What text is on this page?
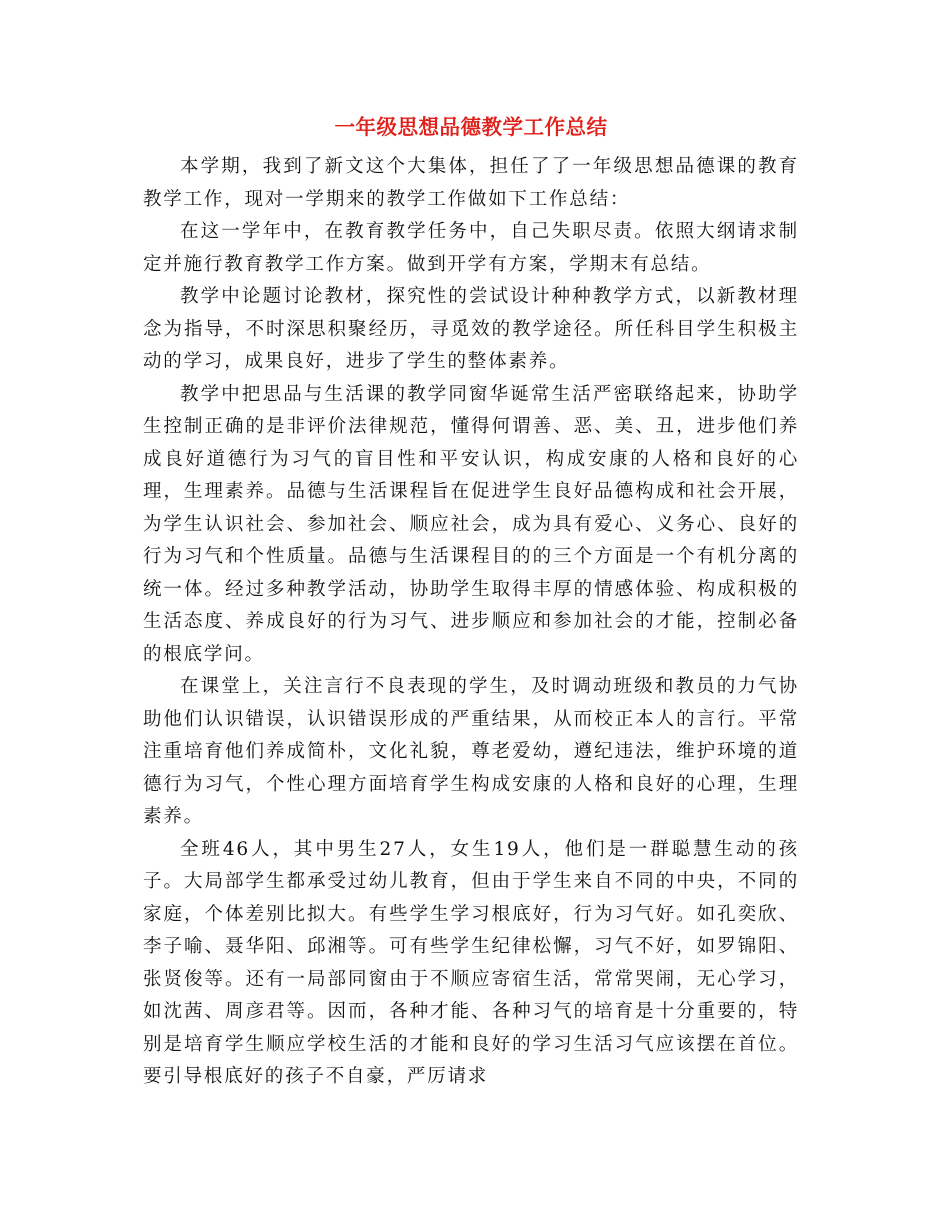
一年级思想品德教学工作总结

本学期，我到了新文这个大集体，担任了了一年级思想品德课的教育教学工作，现对一学期来的教学工作做如下工作总结：

在这一学年中，在教育教学任务中，自己失职尽责。依照大纲请求制定并施行教育教学工作方案。做到开学有方案，学期末有总结。

教学中论题讨论教材，探究性的尝试设计种种教学方式，以新教材理念为指导，不时深思积聚经历，寻觅效的教学途径。所任科目学生积极主动的学习，成果良好，进步了学生的整体素养。

教学中把思品与生活课的教学同窗华诞常生活严密联络起来，协助学生控制正确的是非评价法律规范，懂得何谓善、恶、美、丑，进步他们养成良好道德行为习气的盲目性和平安认识，构成安康的人格和良好的心理，生理素养。品德与生活课程旨在促进学生良好品德构成和社会开展，为学生认识社会、参加社会、顺应社会，成为具有爱心、义务心、良好的行为习气和个性质量。品德与生活课程目的的三个方面是一个有机分离的统一体。经过多种教学活动，协助学生取得丰厚的情感体验、构成积极的生活态度、养成良好的行为习气、进步顺应和参加社会的才能，控制必备的根底学问。

在课堂上，关注言行不良表现的学生，及时调动班级和教员的力气协助他们认识错误，认识错误形成的严重结果，从而校正本人的言行。平常注重培育他们养成简朴，文化礼貌，尊老爱幼，遵纪违法，维护环境的道德行为习气，个性心理方面培育学生构成安康的人格和良好的心理，生理素养。

全班46人，其中男生27人，女生19人，他们是一群聪慧生动的孩子。大局部学生都承受过幼儿教育，但由于学生来自不同的中央，不同的家庭，个体差别比拟大。有些学生学习根底好，行为习气好。如孔奕欣、李子喻、聂华阳、邱湘等。可有些学生纪律松懈，习气不好，如罗锦阳、张贤俊等。还有一局部同窗由于不顺应寄宿生活，常常哭闹，无心学习，如沈茜、周彦君等。因而，各种才能、各种习气的培育是十分重要的，特别是培育学生顺应学校生活的才能和良好的学习生活习气应该摆在首位。要引导根底好的孩子不自豪，严厉请求
